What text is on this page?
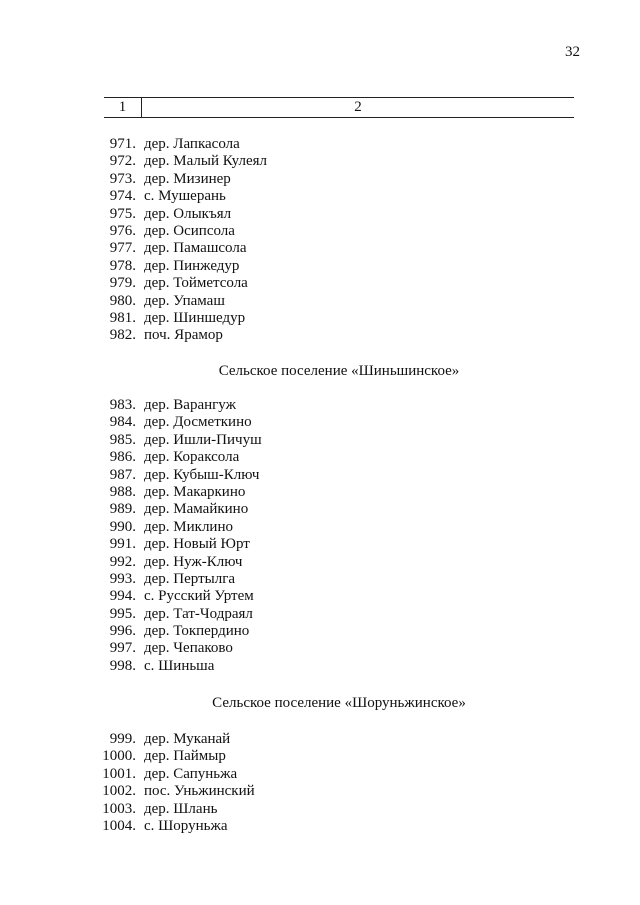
32
1	2
971. дер. Лапкасола
972. дер. Малый Кулеял
973. дер. Мизинер
974. с. Мушерань
975. дер. Олыкъял
976. дер. Осипсола
977. дер. Памашсола
978. дер. Пинжедур
979. дер. Тойметсола
980. дер. Упамаш
981. дер. Шиншедур
982. поч. Ярамор
Сельское поселение «Шиньшинское»
983. дер. Варангуж
984. дер. Досметкино
985. дер. Ишли-Пичуш
986. дер. Кораксола
987. дер. Кубыш-Ключ
988. дер. Макаркино
989. дер. Мамайкино
990. дер. Миклино
991. дер. Новый Юрт
992. дер. Нуж-Ключ
993. дер. Пертылга
994. с. Русский Уртем
995. дер. Тат-Чодраял
996. дер. Токпердино
997. дер. Чепаково
998. с. Шиньша
Сельское поселение «Шоруньжинское»
999. дер. Муканай
1000. дер. Паймыр
1001. дер. Сапуньжа
1002. пос. Уньжинский
1003. дер. Шлань
1004. с. Шоруньжа
